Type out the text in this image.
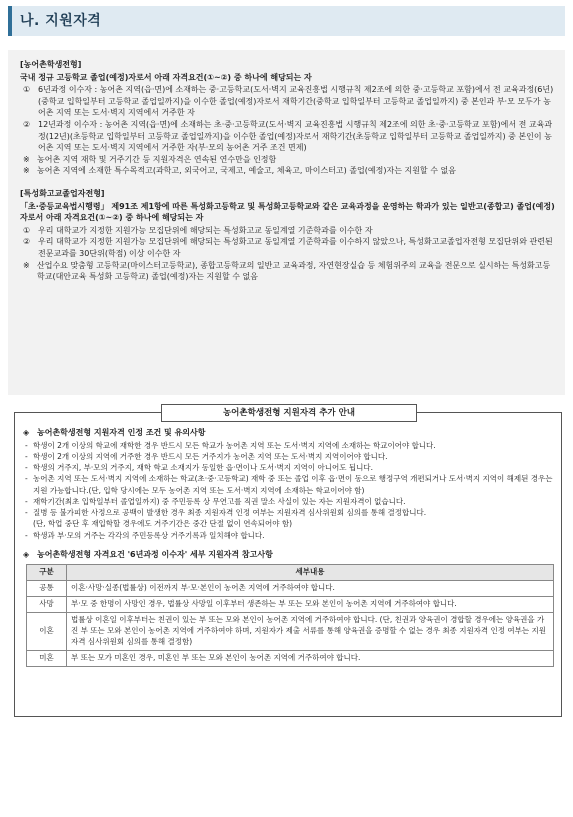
나. 지원자격
[농어촌학생전형]
국내 정규 고등학교 졸업(예정)자로서 아래 자격요건(①~②) 중 하나에 해당되는 자
① 6년과정 이수자 : 농어촌 지역(읍·면)에 소재하는 중·고등학교(도서·벽지 교육진흥법 시행규칙 제2조에 의한 중·고등학교 포함)에서 전 교육과정(6년)(중학교 입학일부터 고등학교 졸업일까지)을 이수한 졸업(예정)자로서 재학기간(중학교 입학일부터 고등학교 졸업일까지) 중 본인과 부·모 모두가 농어촌 지역 또는 도서·벽지 지역에서 거주한 자
② 12년과정 이수자 : 농어촌 지역(읍·면)에 소재하는 초·중·고등학교(도서·벽지 교육진흥법 시행규칙 제2조에 의한 초·중·고등학교 포함)에서 전 교육과정(12년)(초등학교 입학일부터 고등학교 졸업일까지)을 이수한 졸업(예정)자로서 재학기간(초등학교 입학일부터 고등학교 졸업일까지) 중 본인이 농어촌 지역 또는 도서·벽지 지역에서 거주한 자(부·모의 농어촌 거주 조건 면제)
※ 농어촌 지역 재학 및 거주기간 등 지원자격은 연속된 연수만을 인정함
※ 농어촌 지역에 소재한 특수목적고(과학고, 외국어고, 국제고, 예술고, 체육고, 마이스터고) 졸업(예정)자는 지원할 수 없음
[특성화고교졸업자전형]
「초·중등교육법시행령」 제91조 제1항에 따른 특성화고등학교 및 특성화고등학교와 같은 교육과정을 운영하는 학과가 있는 일반고(종합고) 졸업(예정)자로서 아래 자격요건(①~②) 중 하나에 해당되는 자
① 우리 대학교가 지정한 지원가능 모집단위에 해당되는 특성화고교 동일계열 기준학과를 이수한 자
② 우리 대학교가 지정한 지원가능 모집단위에 해당되는 특성화고교 동일계열 기준학과를 이수하지 않았으나, 특성화고교졸업자전형 모집단위와 관련된 전문교과를 30단위(학점) 이상 이수한 자
※ 산업수요 맞춤형 고등학교(마이스터고등학교), 종합고등학교의 일반고 교육과정, 자연현장실습 등 체험위주의 교육을 전문으로 실시하는 특성화고등학교(대안교육 특성화 고등학교) 졸업(예정)자는 지원할 수 없음
농어촌학생전형 지원자격 추가 안내
◈ 농어촌학생전형 지원자격 인정 조건 및 유의사항
- 학생이 2개 이상의 학교에 재학한 경우 반드시 모든 학교가 농어촌 지역 또는 도서·벽지 지역에 소재하는 학교이어야 합니다.
- 학생이 2개 이상의 지역에 거주한 경우 반드시 모든 거주지가 농어촌 지역 또는 도서·벽지 지역이어야 합니다.
- 학생의 거주지, 부·모의 거주지, 재학 학교 소재지가 동일한 읍·면이나 도서·벽지 지역이 아니어도 됩니다.
- 농어촌 지역 또는 도서·벽지 지역에 소재하는 학교(초·중·고등학교) 재학 중 또는 졸업 이후 읍·면이 동으로 행정구역 개편되거나 도서·벽지 지역이 해제된 경우는 지원 가능합니다.(단, 입학 당시에는 모두 농어촌 지역 또는 도서·벽지 지역에 소재하는 학교이어야 함)
- 재학기간(최초 입학일부터 졸업일까지) 중 주민등록 상 무연고를 직권 말소 사실이 있는 자는 지원자격이 없습니다.
- 질병 등 불가피한 사정으로 공백이 발생한 경우 최종 지원자격 인정 여부는 지원자격 심사위원회 심의를 통해 결정합니다.
(단, 학업 중단 후 재입학할 경우에도 거주기간은 중간 단절 없이 연속되어야 함)
- 학생과 부·모의 거주는 각각의 주민등록상 거주기록과 일치해야 합니다.
◈ 농어촌학생전형 자격요건 '6년과정 이수자' 세부 지원자격 참고사항
구분	세부내용
공통	이혼·사망·실종(법률상) 이전까지 부·모·본인이 농어촌 지역에 거주하여야 합니다.
사망	부·모 중 한명이 사망인 경우, 법률상 사망일 이후부터 생존하는 부 또는 모와 본인이 농어촌 지역에 거주하여야 합니다.
이혼	법률상 이혼일 이후부터는 친권이 있는 부 또는 모와 본인이 농어촌 지역에 거주하여야 합니다. (단, 친권과 양육권이 경합할 경우에는 양육권을 가진 부 또는 모와 본인이 농어촌 지역에 거주하여야 하며, 지원자가 제출 서류를 통해 양육권을 증명할 수 없는 경우 최종 지원자격 인정 여부는 지원자격 심사위원회 심의를 통해 결정함)
미혼	부 또는 모가 미혼인 경우, 미혼인 부 또는 모와 본인이 농어촌 지역에 거주하여야 합니다.
